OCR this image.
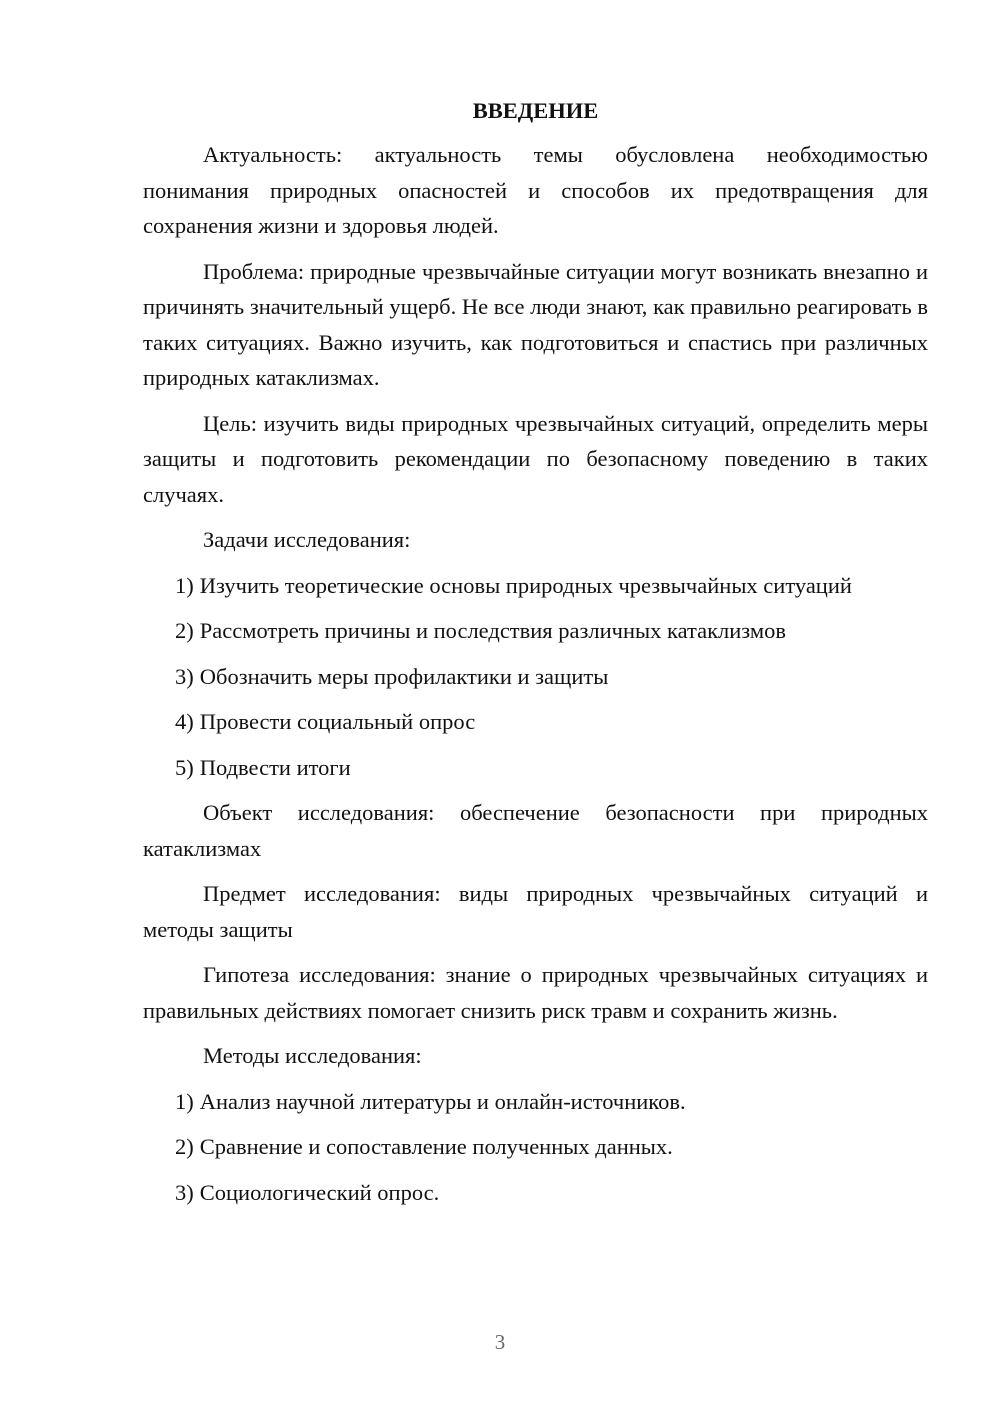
ВВЕДЕНИЕ

Актуальность: актуальность темы обусловлена необходимостью понимания природных опасностей и способов их предотвращения для сохранения жизни и здоровья людей.

Проблема: природные чрезвычайные ситуации могут возникать внезапно и причинять значительный ущерб. Не все люди знают, как правильно реагировать в таких ситуациях. Важно изучить, как подготовиться и спастись при различных природных катаклизмах.

Цель: изучить виды природных чрезвычайных ситуаций, определить меры защиты и подготовить рекомендации по безопасному поведению в таких случаях.

Задачи исследования:

1) Изучить теоретические основы природных чрезвычайных ситуаций
2) Рассмотреть причины и последствия различных катаклизмов
3) Обозначить меры профилактики и защиты
4) Провести социальный опрос
5) Подвести итоги

Объект исследования: обеспечение безопасности при природных катаклизмах

Предмет исследования: виды природных чрезвычайных ситуаций и методы защиты

Гипотеза исследования: знание о природных чрезвычайных ситуациях и правильных действиях помогает снизить риск травм и сохранить жизнь.

Методы исследования:

1) Анализ научной литературы и онлайн-источников.
2) Сравнение и сопоставление полученных данных.
3) Социологический опрос.
3
